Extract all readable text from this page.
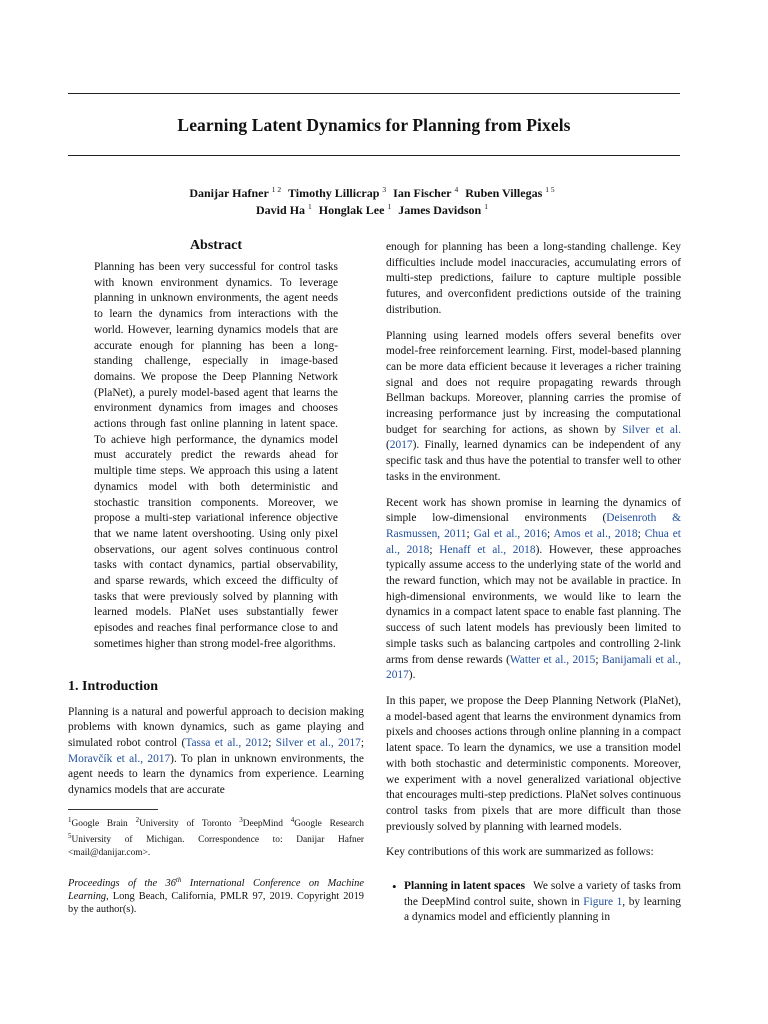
Learning Latent Dynamics for Planning from Pixels
Danijar Hafner $^{1 2}$ Timothy Lillicrap $^3$ Ian Fischer $^4$ Ruben Villegas $^{1 5}$
David Ha $^1$ Honglak Lee $^1$ James Davidson $^1$
Abstract

Planning has been very successful for control tasks with known environment dynamics. To leverage planning in unknown environments, the agent needs to learn the dynamics from interactions with the world. However, learning dynamics models that are accurate enough for planning has been a long-standing challenge, especially in image-based domains. We propose the Deep Planning Network (PlaNet), a purely model-based agent that learns the environment dynamics from images and chooses actions through fast online planning in latent space. To achieve high performance, the dynamics model must accurately predict the rewards ahead for multiple time steps. We approach this using a latent dynamics model with both deterministic and stochastic transition components. Moreover, we propose a multi-step variational inference objective that we name latent overshooting. Using only pixel observations, our agent solves continuous control tasks with contact dynamics, partial observability, and sparse rewards, which exceed the difficulty of tasks that were previously solved by planning with learned models. PlaNet uses substantially fewer episodes and reaches final performance close to and sometimes higher than strong model-free algorithms.

1. Introduction

Planning is a natural and powerful approach to decision making problems with known dynamics, such as game playing and simulated robot control (Tassa et al., 2012; Silver et al., 2017; Moravčík et al., 2017). To plan in unknown environments, the agent needs to learn the dynamics from experience. Learning dynamics models that are accurate

$^1$Google Brain $^2$University of Toronto $^3$DeepMind $^4$Google Research $^5$University of Michigan. Correspondence to: Danijar Hafner <mail@danijar.com>.

Proceedings of the 36th International Conference on Machine Learning, Long Beach, California, PMLR 97, 2019. Copyright 2019 by the author(s).

enough for planning has been a long-standing challenge. Key difficulties include model inaccuracies, accumulating errors of multi-step predictions, failure to capture multiple possible futures, and overconfident predictions outside of the training distribution.

Planning using learned models offers several benefits over model-free reinforcement learning. First, model-based planning can be more data efficient because it leverages a richer training signal and does not require propagating rewards through Bellman backups. Moreover, planning carries the promise of increasing performance just by increasing the computational budget for searching for actions, as shown by Silver et al. (2017). Finally, learned dynamics can be independent of any specific task and thus have the potential to transfer well to other tasks in the environment.

Recent work has shown promise in learning the dynamics of simple low-dimensional environments (Deisenroth & Rasmussen, 2011; Gal et al., 2016; Amos et al., 2018; Chua et al., 2018; Henaff et al., 2018). However, these approaches typically assume access to the underlying state of the world and the reward function, which may not be available in practice. In high-dimensional environments, we would like to learn the dynamics in a compact latent space to enable fast planning. The success of such latent models has previously been limited to simple tasks such as balancing cartpoles and controlling 2-link arms from dense rewards (Watter et al., 2015; Banijamali et al., 2017).

In this paper, we propose the Deep Planning Network (PlaNet), a model-based agent that learns the environment dynamics from pixels and chooses actions through online planning in a compact latent space. To learn the dynamics, we use a transition model with both stochastic and deterministic components. Moreover, we experiment with a novel generalized variational objective that encourages multi-step predictions. PlaNet solves continuous control tasks from pixels that are more difficult than those previously solved by planning with learned models.

Key contributions of this work are summarized as follows:

• Planning in latent spaces We solve a variety of tasks from the DeepMind control suite, shown in Figure 1, by learning a dynamics model and efficiently planning in
